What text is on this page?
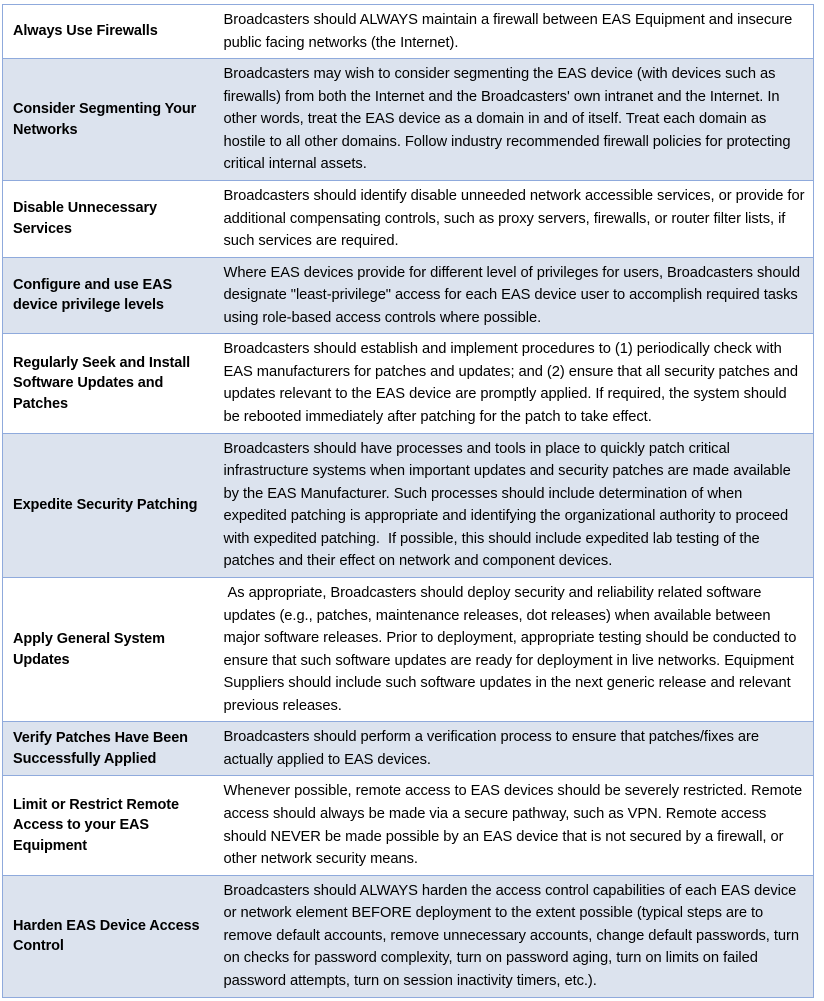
Always Use Firewalls	Broadcasters should ALWAYS maintain a firewall between EAS Equipment and insecure public facing networks (the Internet).
Consider Segmenting Your Networks	Broadcasters may wish to consider segmenting the EAS device (with devices such as firewalls) from both the Internet and the Broadcasters' own intranet and the Internet. In other words, treat the EAS device as a domain in and of itself. Treat each domain as hostile to all other domains. Follow industry recommended firewall policies for protecting critical internal assets.
Disable Unnecessary Services	Broadcasters should identify disable unneeded network accessible services, or provide for additional compensating controls, such as proxy servers, firewalls, or router filter lists, if such services are required.
Configure and use EAS device privilege levels	Where EAS devices provide for different level of privileges for users, Broadcasters should designate "least-privilege" access for each EAS device user to accomplish required tasks using role-based access controls where possible.
Regularly Seek and Install Software Updates and Patches	Broadcasters should establish and implement procedures to (1) periodically check with EAS manufacturers for patches and updates; and (2) ensure that all security patches and updates relevant to the EAS device are promptly applied. If required, the system should be rebooted immediately after patching for the patch to take effect.
Expedite Security Patching	Broadcasters should have processes and tools in place to quickly patch critical infrastructure systems when important updates and security patches are made available by the EAS Manufacturer. Such processes should include determination of when expedited patching is appropriate and identifying the organizational authority to proceed with expedited patching.  If possible, this should include expedited lab testing of the patches and their effect on network and component devices.
Apply General System Updates	As appropriate, Broadcasters should deploy security and reliability related software updates (e.g., patches, maintenance releases, dot releases) when available between major software releases. Prior to deployment, appropriate testing should be conducted to ensure that such software updates are ready for deployment in live networks. Equipment Suppliers should include such software updates in the next generic release and relevant previous releases.
Verify Patches Have Been Successfully Applied	Broadcasters should perform a verification process to ensure that patches/fixes are actually applied to EAS devices.
Limit or Restrict Remote Access to your EAS Equipment	Whenever possible, remote access to EAS devices should be severely restricted. Remote access should always be made via a secure pathway, such as VPN. Remote access should NEVER be made possible by an EAS device that is not secured by a firewall, or other network security means.
Harden EAS Device Access Control	Broadcasters should ALWAYS harden the access control capabilities of each EAS device or network element BEFORE deployment to the extent possible (typical steps are to remove default accounts, remove unnecessary accounts, change default passwords, turn on checks for password complexity, turn on password aging, turn on limits on failed password attempts, turn on session inactivity timers, etc.).
